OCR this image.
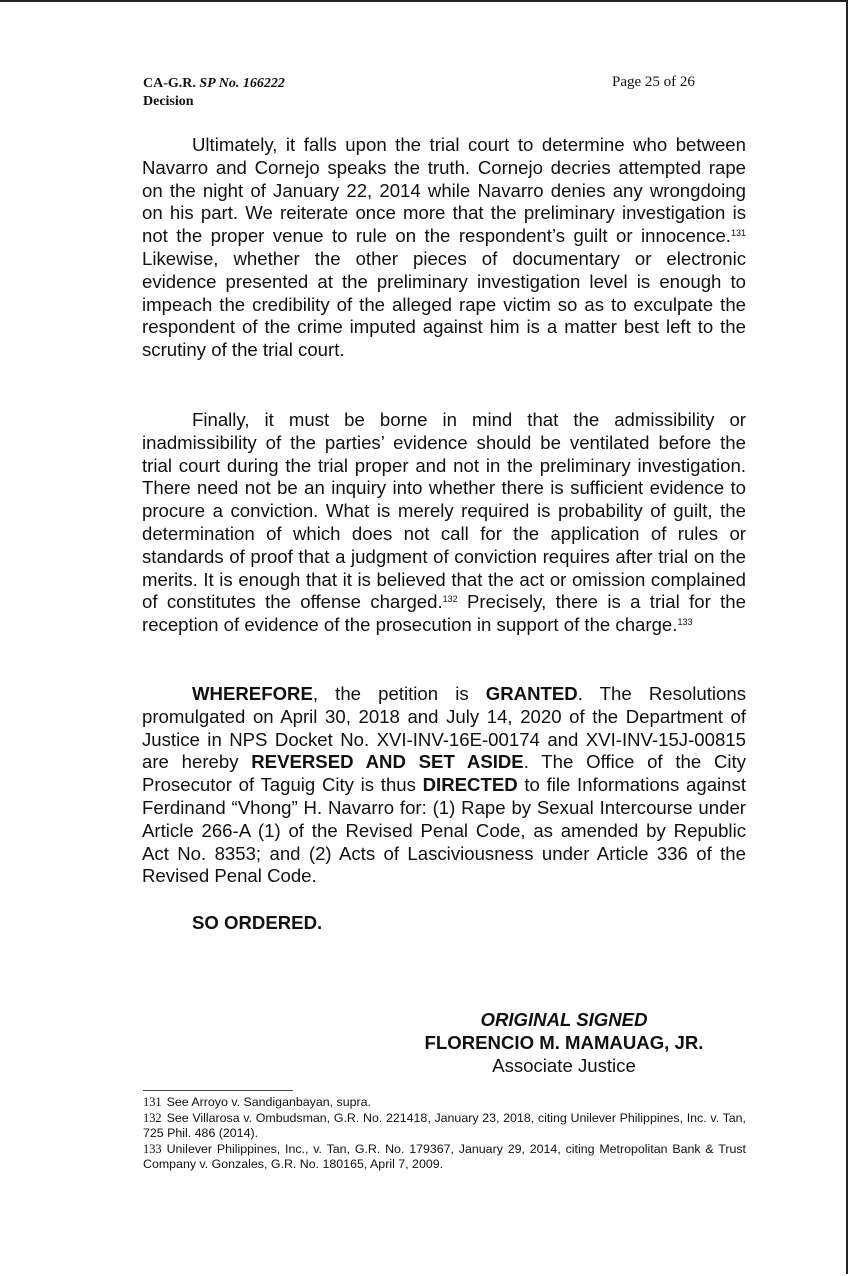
CA-G.R. SP No. 166222
Decision
Page 25 of 26

Ultimately, it falls upon the trial court to determine who between Navarro and Cornejo speaks the truth. Cornejo decries attempted rape on the night of January 22, 2014 while Navarro denies any wrongdoing on his part. We reiterate once more that the preliminary investigation is not the proper venue to rule on the respondent’s guilt or innocence.$^{131}$ Likewise, whether the other pieces of documentary or electronic evidence presented at the preliminary investigation level is enough to impeach the credibility of the alleged rape victim so as to exculpate the respondent of the crime imputed against him is a matter best left to the scrutiny of the trial court.

Finally, it must be borne in mind that the admissibility or inadmissibility of the parties’ evidence should be ventilated before the trial court during the trial proper and not in the preliminary investigation. There need not be an inquiry into whether there is sufficient evidence to procure a conviction. What is merely required is probability of guilt, the determination of which does not call for the application of rules or standards of proof that a judgment of conviction requires after trial on the merits. It is enough that it is believed that the act or omission complained of constitutes the offense charged.$^{132}$ Precisely, there is a trial for the reception of evidence of the prosecution in support of the charge.$^{133}$

WHEREFORE, the petition is GRANTED. The Resolutions promulgated on April 30, 2018 and July 14, 2020 of the Department of Justice in NPS Docket No. XVI-INV-16E-00174 and XVI-INV-15J-00815 are hereby REVERSED AND SET ASIDE. The Office of the City Prosecutor of Taguig City is thus DIRECTED to file Informations against Ferdinand “Vhong” H. Navarro for: (1) Rape by Sexual Intercourse under Article 266-A (1) of the Revised Penal Code, as amended by Republic Act No. 8353; and (2) Acts of Lasciviousness under Article 336 of the Revised Penal Code.

SO ORDERED.
ORIGINAL SIGNED
FLORENCIO M. MAMAUAG, JR.
Associate Justice
131 See Arroyo v. Sandiganbayan, supra.
132 See Villarosa v. Ombudsman, G.R. No. 221418, January 23, 2018, citing Unilever Philippines, Inc. v. Tan, 725 Phil. 486 (2014).
133 Unilever Philippines, Inc., v. Tan, G.R. No. 179367, January 29, 2014, citing Metropolitan Bank & Trust Company v. Gonzales, G.R. No. 180165, April 7, 2009.
